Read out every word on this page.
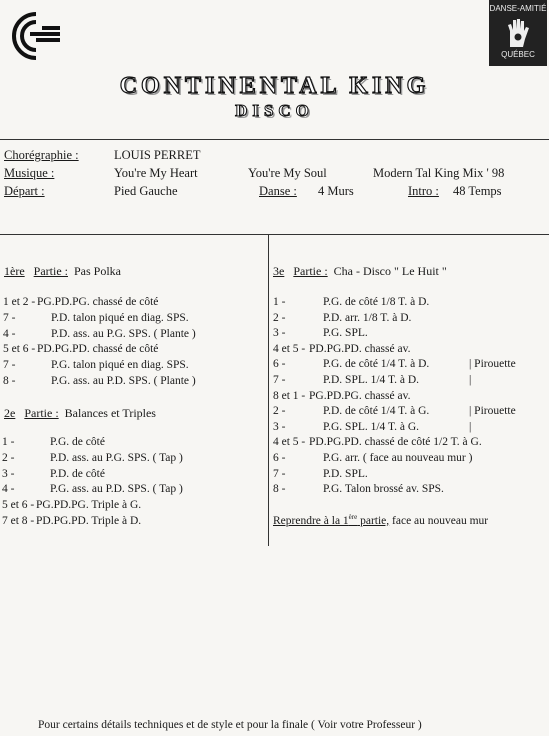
DANSE-AMITIÉ
QUÉBEC
CONTINENTAL KING
DISCO
Chorégraphie :	LOUIS PERRET
Musique :	You're My Heart	You're My Soul	Modern Tal King Mix ' 98
Départ :	Pied Gauche	Danse : 4 Murs	Intro : 48 Temps
1ère Partie : Pas Polka
1 et 2 - PG.PD.PG. chassé de côté
7 -	P.D. talon piqué en diag. SPS.
4 -	P.D. ass. au P.G. SPS. ( Plante )
5 et 6 - PD.PG.PD. chassé de côté
7 -	P.G. talon piqué en diag. SPS.
8 -	P.G. ass. au P.D. SPS. ( Plante )
2e Partie : Balances et Triples
1 -	P.G. de côté
2 -	P.D. ass. au P.G. SPS. ( Tap )
3 -	P.D. de côté
4 -	P.G. ass. au P.D. SPS. ( Tap )
5 et 6 - PG.PD.PG. Triple à G.
7 et 8 - PD.PG.PD. Triple à D.
3e Partie : Cha - Disco " Le Huit "
1 -	P.G. de côté 1/8 T. à D.
2 -	P.D. arr. 1/8 T. à D.
3 -	P.G. SPL.
4 et 5 - PD.PG.PD. chassé av.
6 -	P.G. de côté 1/4 T. à D.	| Pirouette
7 -	P.D. SPL. 1/4 T. à D.	|
8 et 1 - PG.PD.PG. chassé av.
2 -	P.D. de côté 1/4 T. à G.	| Pirouette
3 -	P.G. SPL. 1/4 T. à G.	|
4 et 5 - PD.PG.PD. chassé de côté 1/2 T. à G.
6 -	P.G. arr. ( face au nouveau mur )
7 -	P.D. SPL.
8 -	P.G. Talon brossé av. SPS.
Reprendre à la 1ère partie, face au nouveau mur
Pour certains détails techniques et de style et pour la finale ( Voir votre Professeur )
